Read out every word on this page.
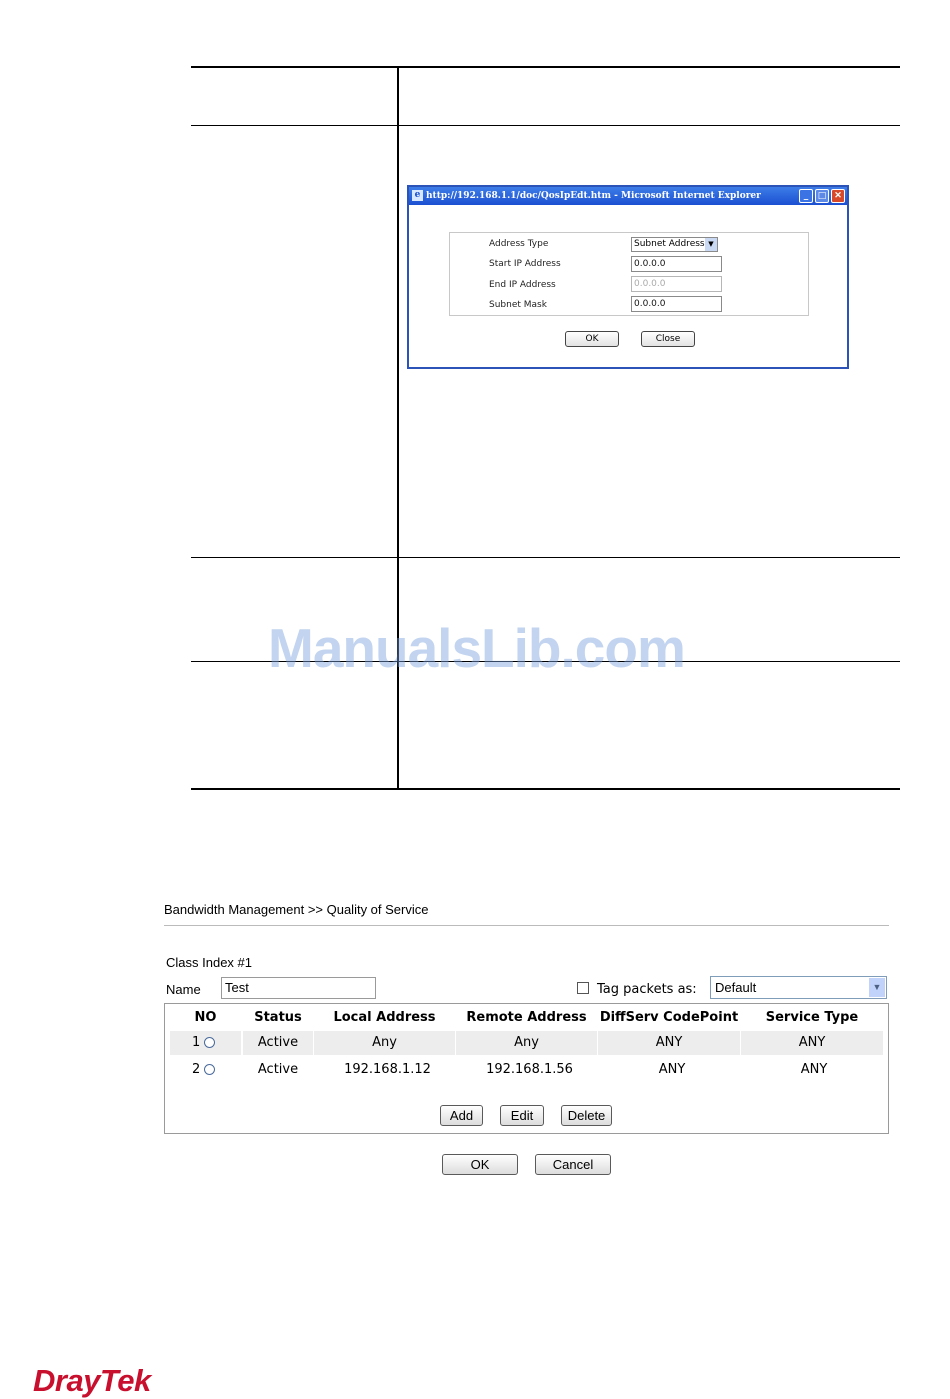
e http://192.168.1.1/doc/QosIpEdt.htm - Microsoft Internet Explorer	_	□ ✕
Address Type	Subnet Address ▼
Start IP Address	0.0.0.0
End IP Address	0.0.0.0
Subnet Mask	0.0.0.0
OK	Close
ManualsLib.com
Bandwidth Management >> Quality of Service
Class Index #1
Name	Test	Tag packets as:	Default	▼
NO	Status	Local Address	Remote Address	DiffServ CodePoint	Service Type
1	Active	Any	Any	ANY	ANY
2	Active	192.168.1.12	192.168.1.56	ANY	ANY
Add	Edit	Delete
OK	Cancel
DrayTek
